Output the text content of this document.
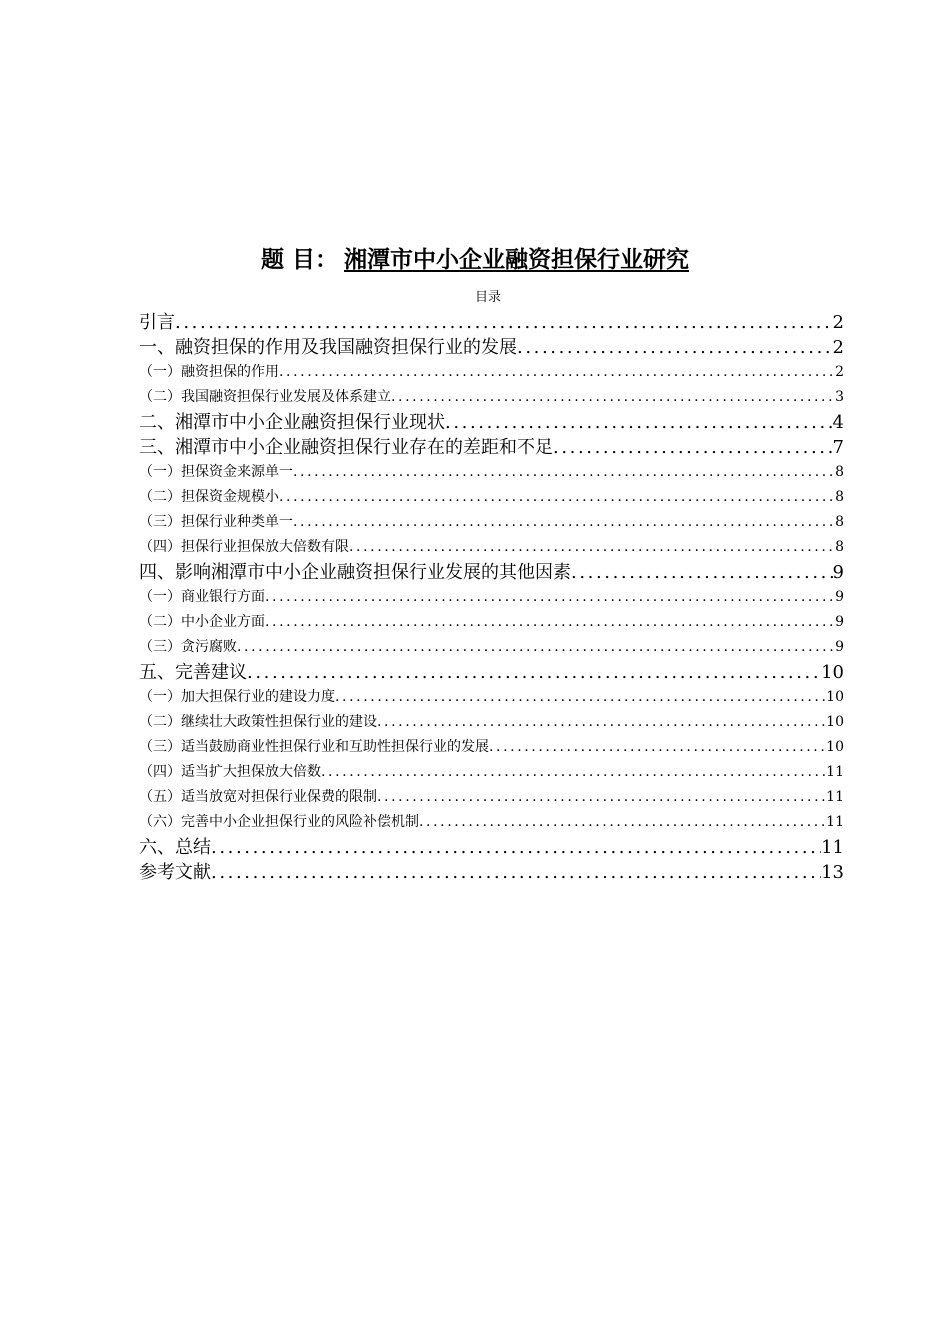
题 目： 湘潭市中小企业融资担保行业研究
目录
引言 .....	2
一、融资担保的作用及我国融资担保行业的发展 .....	2
（一）融资担保的作用 .....	2
（二）我国融资担保行业发展及体系建立 .....	3
二、湘潭市中小企业融资担保行业现状 .....	4
三、湘潭市中小企业融资担保行业存在的差距和不足 .....	7
（一）担保资金来源单一 .....	8
（二）担保资金规模小 .....	8
（三）担保行业种类单一 .....	8
（四）担保行业担保放大倍数有限 .....	8
四、影响湘潭市中小企业融资担保行业发展的其他因素 .....	9
（一）商业银行方面 .....	9
（二）中小企业方面 .....	9
（三）贪污腐败 .....	9
五、完善建议 .....	10
（一）加大担保行业的建设力度 .....	10
（二）继续壮大政策性担保行业的建设 .....	10
（三）适当鼓励商业性担保行业和互助性担保行业的发展 .....	10
（四）适当扩大担保放大倍数 .....	11
（五）适当放宽对担保行业保费的限制 .....	11
（六）完善中小企业担保行业的风险补偿机制 .....	11
六、总结 .....	11
参考文献 .....	13
